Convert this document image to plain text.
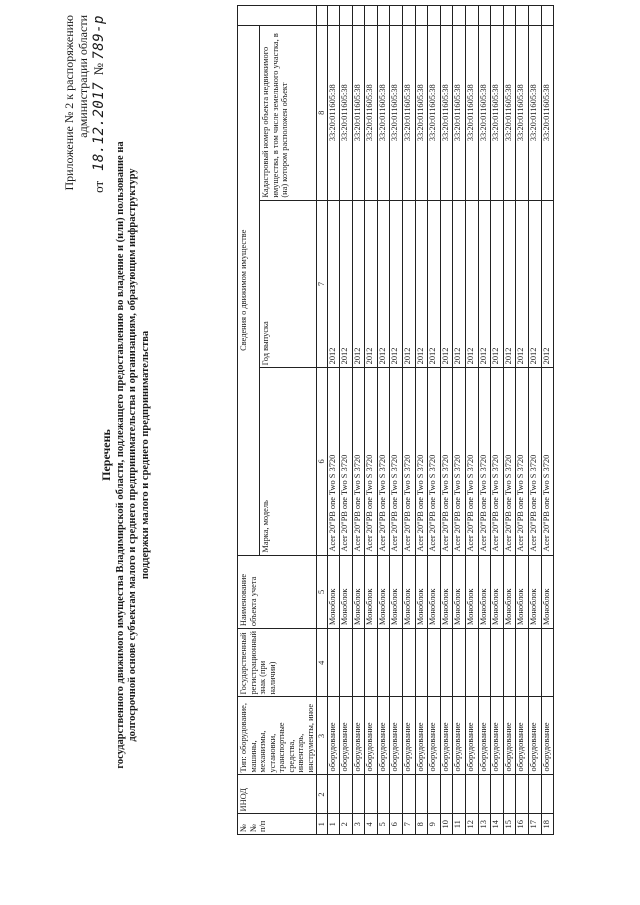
Приложение № 2 к распоряжению администрации области
от   18.12.2017  № 789-р
Перечень государственного движимого имущества Владимирской области, подлежащего предоставлению во владение и (или) пользование на долгосрочной основе субъектам малого и среднего предпринимательства и организациям, образующим инфраструктуру поддержки малого и среднего предпринимательства
№№ п/п	ИНОД	Тип: оборудование, машины, механизмы, установки, транспортные средства, инвентарь, инструменты, иное	Государственный регистрационный знак (при наличии)	Наименование объекта учета	Сведения о движимом имуществе			
					Марка, модель	Год выпуска	Кадастровый номер объекта недвижимого имущества, в том числе земельного участка, в (на) котором расположен объект	
1	2	3	4	5	6	7	8	
1		оборудование		Моноблок	Acer 20"PB one Two S 3720	2012	33:20:011605:38	
2		оборудование		Моноблок	Acer 20"PB one Two S 3720	2012	33:20:011605:38	
3		оборудование		Моноблок	Acer 20"PB one Two S 3720	2012	33:20:011605:38	
4		оборудование		Моноблок	Acer 20"PB one Two S 3720	2012	33:20:011605:38	
5		оборудование		Моноблок	Acer 20"PB one Two S 3720	2012	33:20:011605:38	
6		оборудование		Моноблок	Acer 20"PB one Two S 3720	2012	33:20:011605:38	
7		оборудование		Моноблок	Acer 20"PB one Two S 3720	2012	33:20:011605:38	
8		оборудование		Моноблок	Acer 20"PB one Two S 3720	2012	33:20:011605:38	
9		оборудование		Моноблок	Acer 20"PB one Two S 3720	2012	33:20:011605:38	
10		оборудование		Моноблок	Acer 20"PB one Two S 3720	2012	33:20:011605:38	
11		оборудование		Моноблок	Acer 20"PB one Two S 3720	2012	33:20:011605:38	
12		оборудование		Моноблок	Acer 20"PB one Two S 3720	2012	33:20:011605:38	
13		оборудование		Моноблок	Acer 20"PB one Two S 3720	2012	33:20:011605:38	
14		оборудование		Моноблок	Acer 20"PB one Two S 3720	2012	33:20:011605:38	
15		оборудование		Моноблок	Acer 20"PB one Two S 3720	2012	33:20:011605:38	
16		оборудование		Моноблок	Acer 20"PB one Two S 3720	2012	33:20:011605:38	
17		оборудование		Моноблок	Acer 20"PB one Two S 3720	2012	33:20:011605:38	
18		оборудование		Моноблок	Acer 20"PB one Two S 3720	2012	33:20:011605:38	
